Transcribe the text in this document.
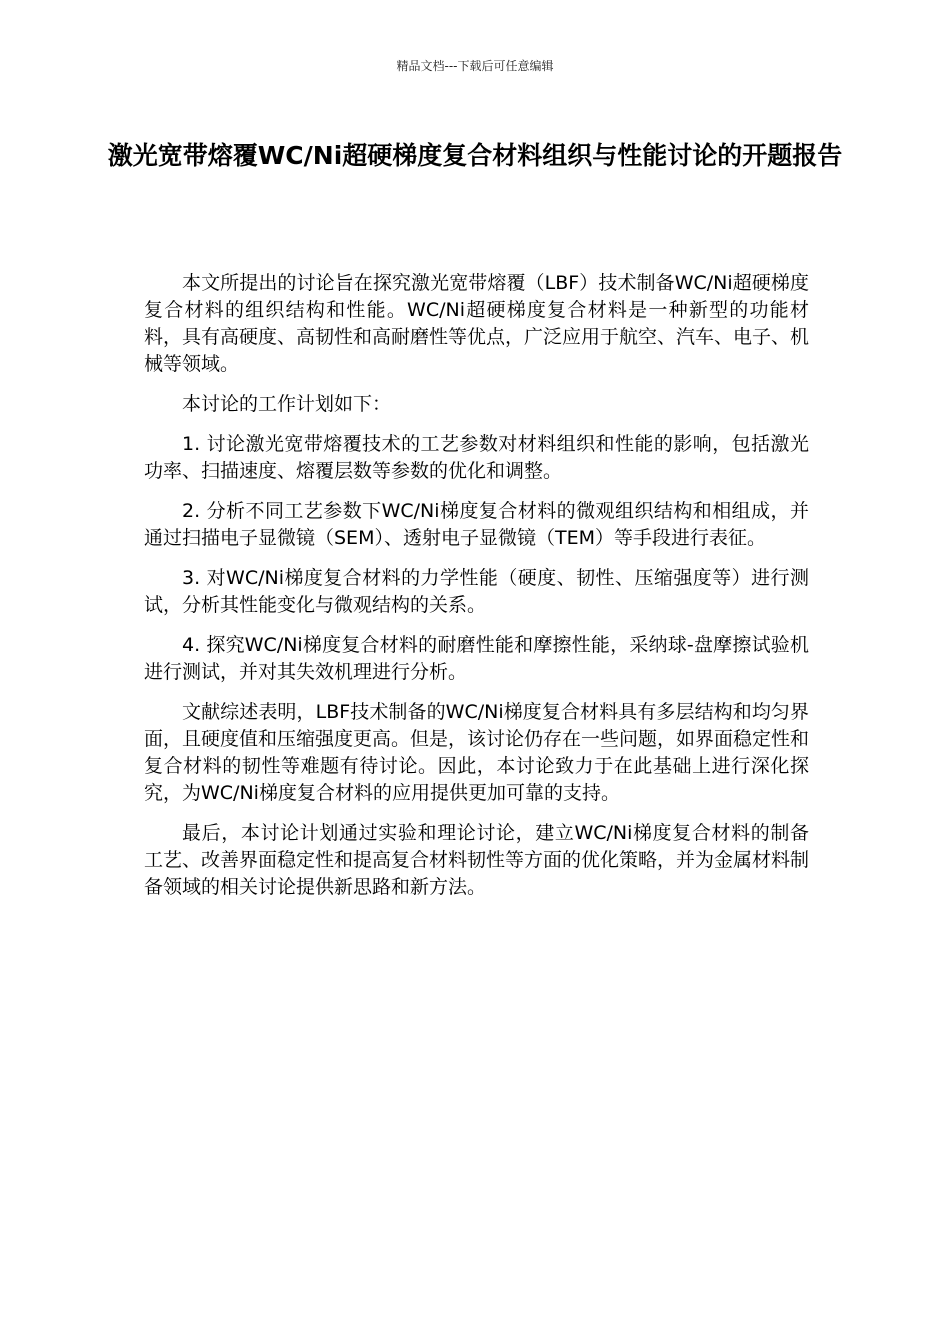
精品文档---下载后可任意编辑
激光宽带熔覆WC/Ni超硬梯度复合材料组织与性能讨论的开题报告

本文所提出的讨论旨在探究激光宽带熔覆（LBF）技术制备WC/Ni超硬梯度复合材料的组织结构和性能。WC/Ni超硬梯度复合材料是一种新型的功能材料，具有高硬度、高韧性和高耐磨性等优点，广泛应用于航空、汽车、电子、机械等领域。

本讨论的工作计划如下：

1. 讨论激光宽带熔覆技术的工艺参数对材料组织和性能的影响，包括激光功率、扫描速度、熔覆层数等参数的优化和调整。

2. 分析不同工艺参数下WC/Ni梯度复合材料的微观组织结构和相组成，并通过扫描电子显微镜（SEM）、透射电子显微镜（TEM）等手段进行表征。

3. 对WC/Ni梯度复合材料的力学性能（硬度、韧性、压缩强度等）进行测试，分析其性能变化与微观结构的关系。

4. 探究WC/Ni梯度复合材料的耐磨性能和摩擦性能，采纳球-盘摩擦试验机进行测试，并对其失效机理进行分析。

文献综述表明，LBF技术制备的WC/Ni梯度复合材料具有多层结构和均匀界面，且硬度值和压缩强度更高。但是，该讨论仍存在一些问题，如界面稳定性和复合材料的韧性等难题有待讨论。因此，本讨论致力于在此基础上进行深化探究，为WC/Ni梯度复合材料的应用提供更加可靠的支持。

最后，本讨论计划通过实验和理论讨论，建立WC/Ni梯度复合材料的制备工艺、改善界面稳定性和提高复合材料韧性等方面的优化策略，并为金属材料制备领域的相关讨论提供新思路和新方法。
